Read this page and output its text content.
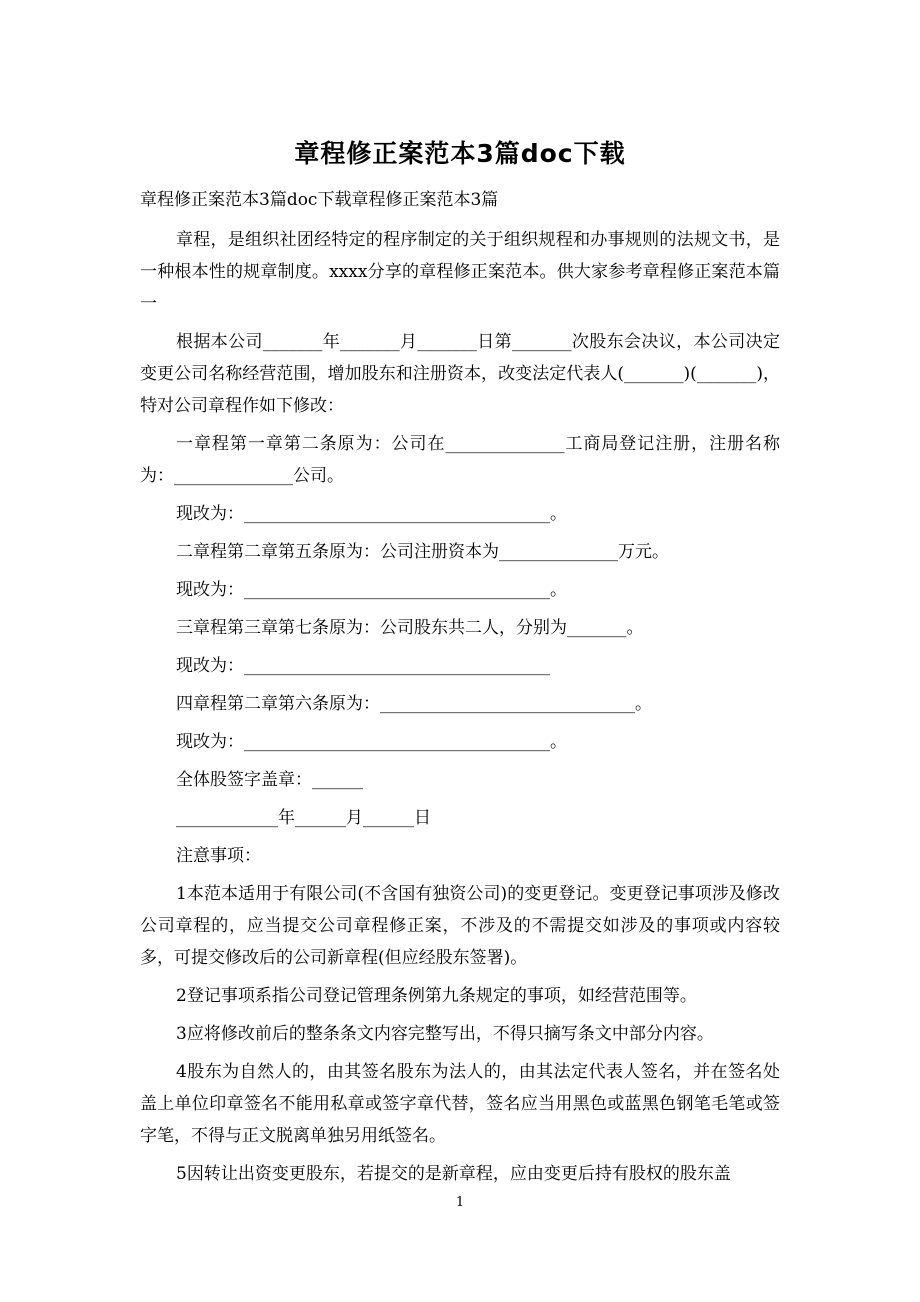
章程修正案范本3篇doc下载

章程修正案范本3篇doc下载章程修正案范本3篇

章程，是组织社团经特定的程序制定的关于组织规程和办事规则的法规文书，是一种根本性的规章制度。xxxx分享的章程修正案范本。供大家参考章程修正案范本篇一

根据本公司_______年_______月_______日第_______次股东会决议，本公司决定变更公司名称经营范围，增加股东和注册资本，改变法定代表人(_______)(_______)，特对公司章程作如下修改：

一章程第一章第二条原为：公司在______________工商局登记注册，注册名称为：______________公司。

现改为：____________________________________。

二章程第二章第五条原为：公司注册资本为______________万元。

现改为：____________________________________。

三章程第三章第七条原为：公司股东共二人，分别为_______。

现改为：____________________________________

四章程第二章第六条原为：______________________________。

现改为：____________________________________。

全体股签字盖章：______

____________年______月______日

注意事项：

1本范本适用于有限公司(不含国有独资公司)的变更登记。变更登记事项涉及修改公司章程的，应当提交公司章程修正案，不涉及的不需提交如涉及的事项或内容较多，可提交修改后的公司新章程(但应经股东签署)。

2登记事项系指公司登记管理条例第九条规定的事项，如经营范围等。

3应将修改前后的整条条文内容完整写出，不得只摘写条文中部分内容。

4股东为自然人的，由其签名股东为法人的，由其法定代表人签名，并在签名处盖上单位印章签名不能用私章或签字章代替，签名应当用黑色或蓝黑色钢笔毛笔或签字笔，不得与正文脱离单独另用纸签名。

5因转让出资变更股东，若提交的是新章程，应由变更后持有股权的股东盖

1
